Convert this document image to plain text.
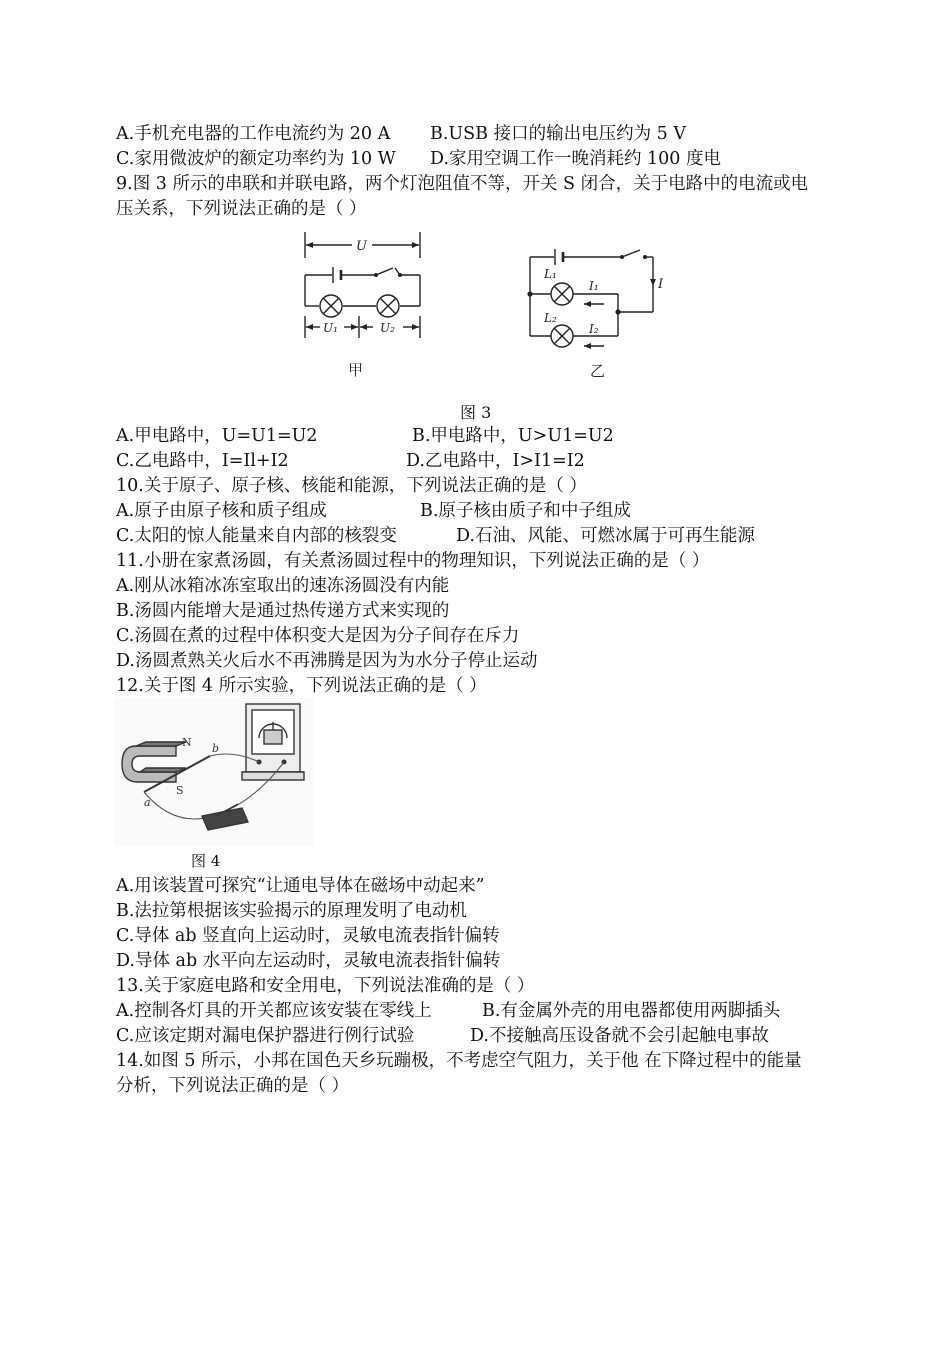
A.手机充电器的工作电流约为 20 A B.USB 接口的输出电压约为 5 V
C.家用微波炉的额定功率约为 10 W D.家用空调工作一晚消耗约 100 度电
9.图 3 所示的串联和并联电路，两个灯泡阻值不等，开关 S 闭合，关于电路中的电流或电
压关系，下列说法正确的是（ ）
U
U₁	U₂
甲
L₁
L₂
I₁
I₂
I
乙
图 3
A.甲电路中，U=U1=U2	B.甲电路中，U>U1=U2
C.乙电路中，I=Il+I2	D.乙电路中，I>I1=I2
10.关于原子、原子核、核能和能源，下列说法正确的是（ ）
A.原子由原子核和质子组成	B.原子核由质子和中子组成
C.太阳的惊人能量来自内部的核裂变	D.石油、风能、可燃冰属于可再生能源
11.小册在家煮汤圆，有关煮汤圆过程中的物理知识，下列说法正确的是（ ）
A.刚从冰箱冰冻室取出的速冻汤圆没有内能
B.汤圆内能增大是通过热传递方式来实现的
C.汤圆在煮的过程中体积变大是因为分子间存在斥力
D.汤圆煮熟关火后水不再沸腾是因为为水分子停止运动
12.关于图 4 所示实验，下列说法正确的是（ ）
N
S
a
b
图 4
A.用该装置可探究“让通电导体在磁场中动起来”
B.法拉第根据该实验揭示的原理发明了电动机
C.导体 ab 竖直向上运动时，灵敏电流表指针偏转
D.导体 ab 水平向左运动时，灵敏电流表指针偏转
13.关于家庭电路和安全用电，下列说法准确的是（ ）
A.控制各灯具的开关都应该安装在零线上	B.有金属外壳的用电器都使用两脚插头
C.应该定期对漏电保护器进行例行试验	D.不接触高压设备就不会引起触电事故
14.如图 5 所示，小邦在国色天乡玩蹦极，不考虑空气阻力，关于他 在下降过程中的能量
分析，下列说法正确的是（ ）
